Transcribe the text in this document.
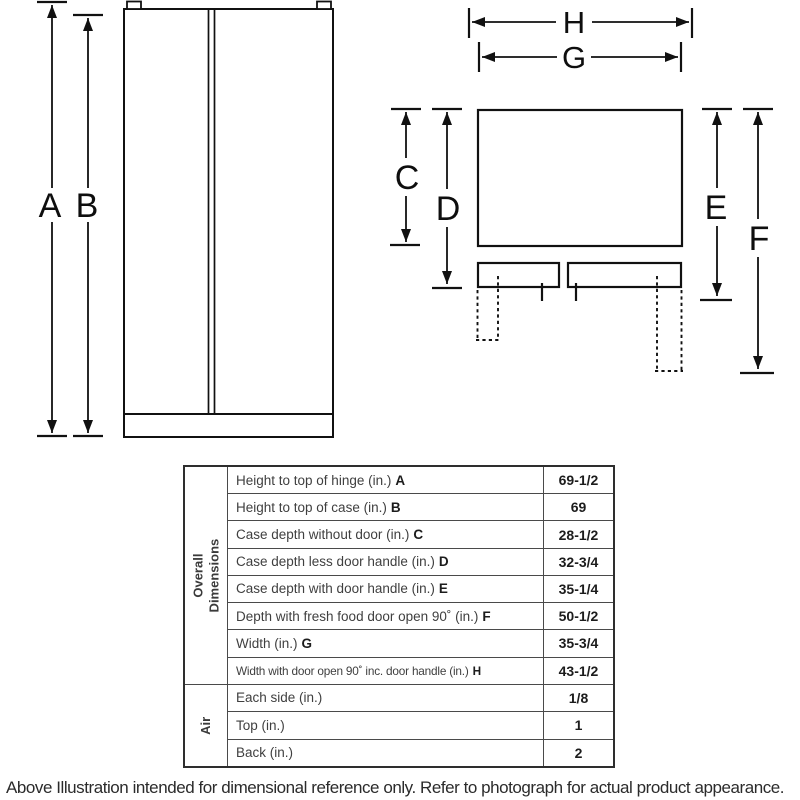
A B
H
G
C
D	E
F
Overall Dimensions
Height to top of hinge (in.) A	69-1/2
Height to top of case (in.) B	69
Case depth without door (in.) C	28-1/2
Case depth less door handle (in.) D	32-3/4
Case depth with door handle (in.) E	35-1/4
Depth with fresh food door open 90˚ (in.) F	50-1/2
Width (in.) G	35-3/4
Width with door open 90˚ inc. door handle (in.) H	43-1/2
Air
Each side (in.)	1/8
Top (in.)	1
Back (in.)	2
Above Illustration intended for dimensional reference only. Refer to photograph for actual product appearance.
